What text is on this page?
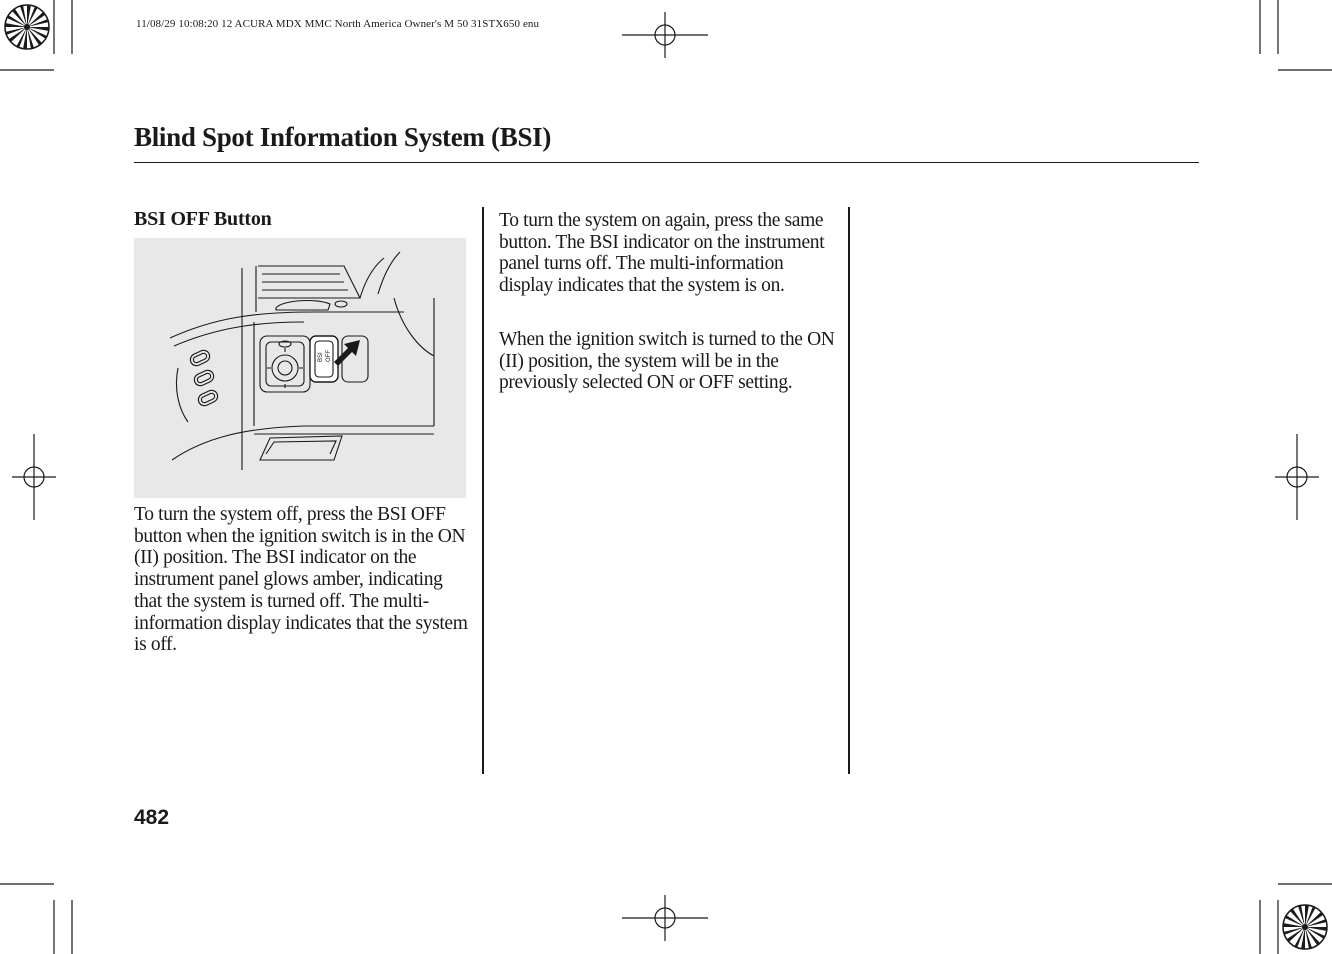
11/08/29 10:08:20 12 ACURA MDX MMC North America Owner's M 50 31STX650 enu
Blind Spot Information System (BSI)
BSI OFF Button
BSI OFF

To turn the system off, press the BSI OFF button when the ignition switch is in the ON (II) position. The BSI indicator on the instrument panel glows amber, indicating that the system is turned off. The multi-information display indicates that the system is off.

To turn the system on again, press the same button. The BSI indicator on the instrument panel turns off. The multi-information display indicates that the system is on.

When the ignition switch is turned to the ON (II) position, the system will be in the previously selected ON or OFF setting.

482
